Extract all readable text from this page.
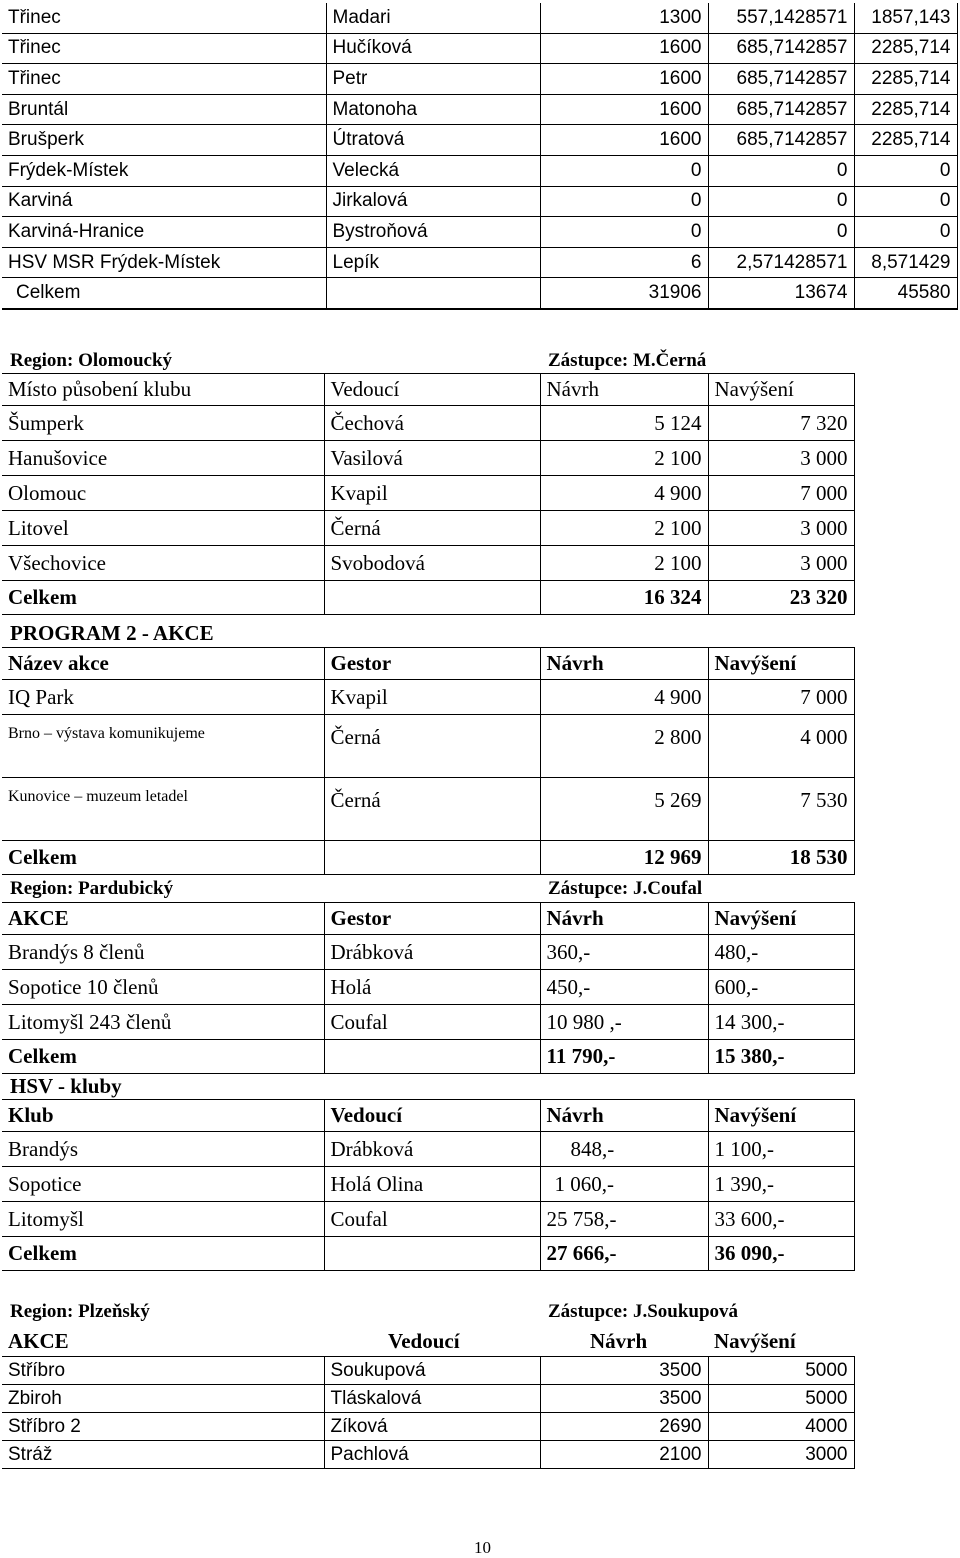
Třinec	Madari	1300	557,1428571	1857,143
Třinec	Hučíková	1600	685,7142857	2285,714
Třinec	Petr	1600	685,7142857	2285,714
Bruntál	Matonoha	1600	685,7142857	2285,714
Brušperk	Útratová	1600	685,7142857	2285,714
Frýdek-Místek	Velecká	0	0	0
Karviná	Jirkalová	0	0	0
Karviná-Hranice	Bystroňová	0	0	0
HSV MSR Frýdek-Místek	Lepík	6	2,571428571	8,571429
Celkem		31906	13674	45580
Region: Olomoucký	Zástupce: M.Černá
Místo působení klubu	Vedoucí	Návrh	Navýšení
Šumperk	Čechová	5 124	7 320
Hanušovice	Vasilová	2 100	3 000
Olomouc	Kvapil	4 900	7 000
Litovel	Černá	2 100	3 000
Všechovice	Svobodová	2 100	3 000
Celkem		16 324	23 320
PROGRAM 2 - AKCE
Název akce	Gestor	Návrh	Navýšení
IQ Park	Kvapil	4 900	7 000
Brno – výstava komunikujeme	Černá	2 800	4 000
Kunovice – muzeum letadel	Černá	5 269	7 530
Celkem		12 969	18 530
Region: Pardubický	Zástupce: J.Coufal
AKCE	Gestor	Návrh	Navýšení
Brandýs 8 členů	Drábková	360,-	480,-
Sopotice 10 členů	Holá	450,-	600,-
Litomyšl 243 členů	Coufal	10 980 ,-	14 300,-
Celkem		11 790,-	15 380,-
HSV - kluby
Klub	Vedoucí	Návrh	Navýšení
Brandýs	Drábková	848,-	1 100,-
Sopotice	Holá Olina	1 060,-	1 390,-
Litomyšl	Coufal	25 758,-	33 600,-
Celkem		27 666,-	36 090,-
Region: Plzeňský	Zástupce: J.Soukupová
AKCE	Vedoucí	Návrh	Navýšení
Stříbro	Soukupová	3500	5000
Zbiroh	Tláskalová	3500	5000
Stříbro 2	Zíková	2690	4000
Stráž	Pachlová	2100	3000
10
